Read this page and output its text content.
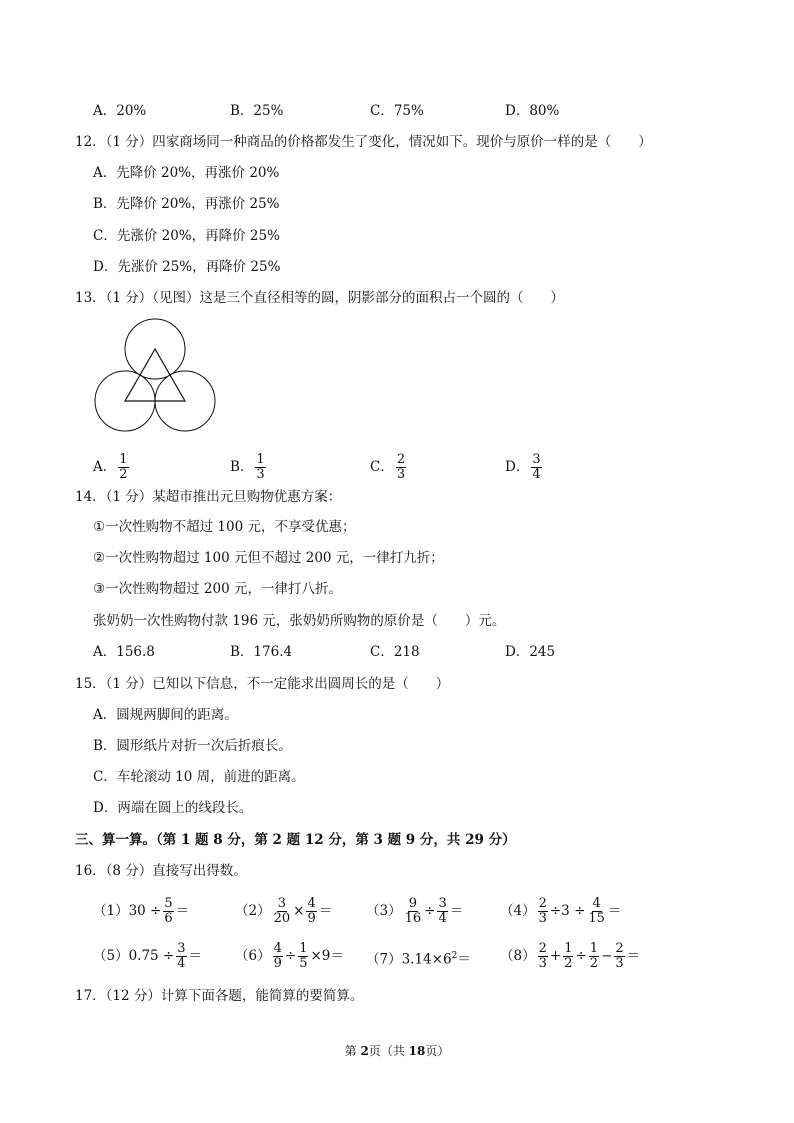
A．20%	B．25%	C．75%	D．80%
12．（1 分）四家商场同一种商品的价格都发生了变化，情况如下。现价与原价一样的是（　　）
A．先降价 20%，再涨价 20%
B．先降价 20%，再涨价 25%
C．先涨价 20%，再降价 25%
D．先涨价 25%，再降价 25%
13．（1 分）（见图）这是三个直径相等的圆，阴影部分的面积占一个圆的（　　）
A． $\frac{1}{2}$	B． $\frac{1}{3}$	C． $\frac{2}{3}$	D． $\frac{3}{4}$
14．（1 分）某超市推出元旦购物优惠方案：
①一次性购物不超过 100 元，不享受优惠；
②一次性购物超过 100 元但不超过 200 元，一律打九折；
③一次性购物超过 200 元，一律打八折。
张奶奶一次性购物付款 196 元，张奶奶所购物的原价是（　　）元。
A．156.8	B．176.4	C．218	D．245
15．（1 分）已知以下信息，不一定能求出圆周长的是（　　）
A．圆规两脚间的距离。
B．圆形纸片对折一次后折痕长。
C．车轮滚动 10 周，前进的距离。
D．两端在圆上的线段长。
三、算一算。（第 1 题 8 分，第 2 题 12 分，第 3 题 9 分，共 29 分）
16．（8 分）直接写出得数。
$(1)30 \div \frac{5}{6}$ ＝	$(2) \frac{3}{20} \times \frac{4}{9}$ ＝	$(3) \frac{9}{16} \div \frac{3}{4}$ ＝	$(4) \frac{2}{3} \div 3 \div \frac{4}{15}$ ＝
$(5)0.75 \div \frac{3}{4} = (6) \frac{4}{9} \div \frac{1}{5} \times 9= (7)3.14\times 6^2= (8) \frac{2}{3} + \frac{1}{2} \div \frac{1}{2} - \frac{2}{3}$ ＝
17．（12 分）计算下面各题，能简算的要简算。
第 2页（共 18页）
